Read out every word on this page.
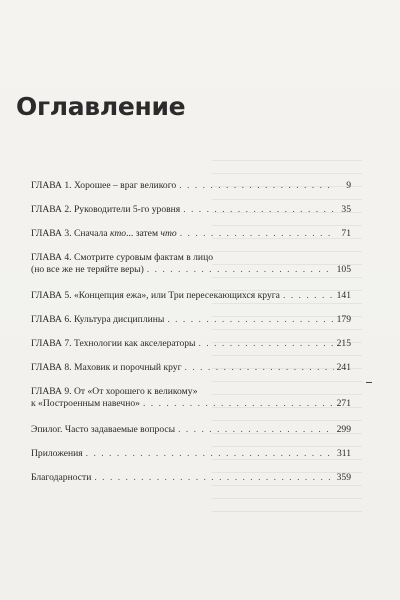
Оглавление
ГЛАВА 1. Хорошее – враг великого . . .	9
ГЛАВА 2. Руководители 5-го уровня . . .	35
ГЛАВА 3. Сначала кто... затем что . . .	71
ГЛАВА 4. Смотрите суровым фактам в лицо
(но все же не теряйте веры) . . .	105
ГЛАВА 5. «Концепция ежа», или Три пересекающихся круга . . .	141
ГЛАВА 6. Культура дисциплины . . .	179
ГЛАВА 7. Технологии как акселераторы . . .	215
ГЛАВА 8. Маховик и порочный круг . . .	241
ГЛАВА 9. От «От хорошего к великому»
к «Построенным навечно» . . .	271
Эпилог. Часто задаваемые вопросы . . .	299
Приложения . . .	311
Благодарности . . .	359
